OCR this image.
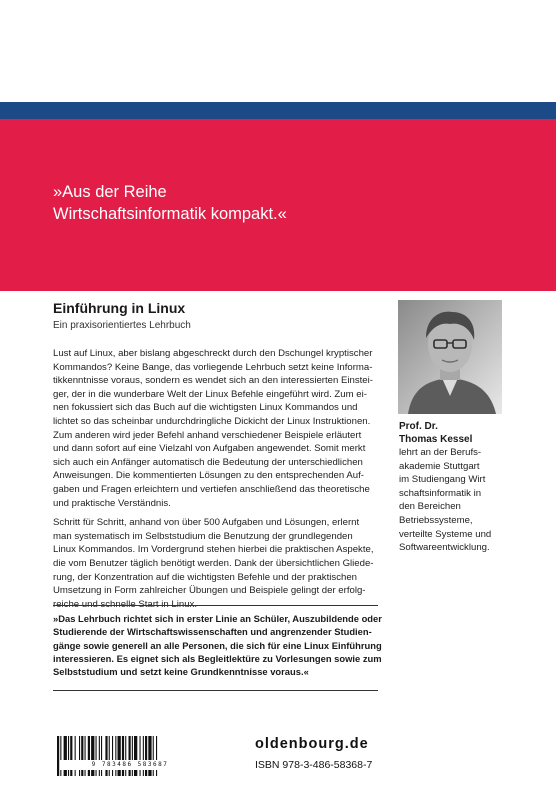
»Aus der Reihe
Wirtschaftsinformatik kompakt.«
Einführung in Linux
Ein praxisorientiertes Lehrbuch

Lust auf Linux, aber bislang abgeschreckt durch den Dschungel kryptischer

Kommandos? Keine Bange, das vorliegende Lehrbuch setzt keine Informa-

tikkenntnisse voraus, sondern es wendet sich an den interessierten Einstei-

ger, der in die wunderbare Welt der Linux Befehle eingeführt wird. Zum ei-

nen fokussiert sich das Buch auf die wichtigsten Linux Kommandos und

lichtet so das scheinbar undurchdringliche Dickicht der Linux Instruktionen.

Zum anderen wird jeder Befehl anhand verschiedener Beispiele erläutert

und dann sofort auf eine Vielzahl von Aufgaben angewendet. Somit merkt

sich auch ein Anfänger automatisch die Bedeutung der unterschiedlichen

Anweisungen. Die kommentierten Lösungen zu den entsprechenden Auf-

gaben und Fragen erleichtern und vertiefen anschließend das theoretische

und praktische Verständnis.

Schritt für Schritt, anhand von über 500 Aufgaben und Lösungen, erlernt

man systematisch im Selbststudium die Benutzung der grundlegenden

Linux Kommandos. Im Vordergrund stehen hierbei die praktischen Aspekte,

die vom Benutzer täglich benötigt werden. Dank der übersichtlichen Gliede-

rung, der Konzentration auf die wichtigsten Befehle und der praktischen

Umsetzung in Form zahlreicher Übungen und Beispiele gelingt der erfolg-

Prof. Dr.
Thomas Kessel
lehrt an der Berufs-
akademie Stuttgart
im Studiengang Wirt
schaftsinformatik in
den Bereichen
Betriebssysteme,
verteilte Systeme und
Softwareentwicklung.
»Das Lehrbuch richtet sich in erster Linie an Schüler, Auszubildende oder
Studierende der Wirtschaftswissenschaften und angrenzender Studien-
gänge sowie generell an alle Personen, die sich für eine Linux Einführung
interessieren. Es eignet sich als Begleitlektüre zu Vorlesungen sowie zum
Selbststudium und setzt keine Grundkenntnisse voraus.«
9 783486 583687
oldenbourg.de
ISBN 978-3-486-58368-7
